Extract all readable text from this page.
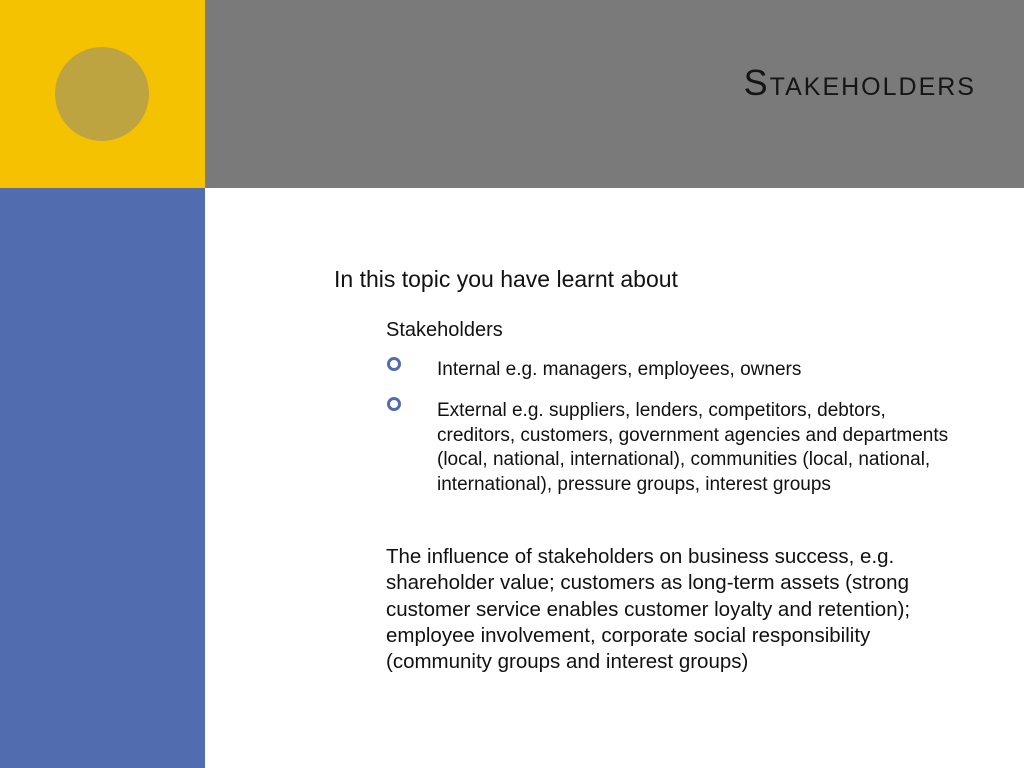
Stakeholders

In this topic you have learnt about

Stakeholders

Internal e.g. managers, employees, owners

External e.g. suppliers, lenders, competitors, debtors, creditors, customers, government agencies and departments (local, national, international), communities (local, national, international), pressure groups, interest groups

The influence of stakeholders on business success, e.g. shareholder value; customers as long-term assets (strong customer service enables customer loyalty and retention); employee involvement, corporate social responsibility (community groups and interest groups)
